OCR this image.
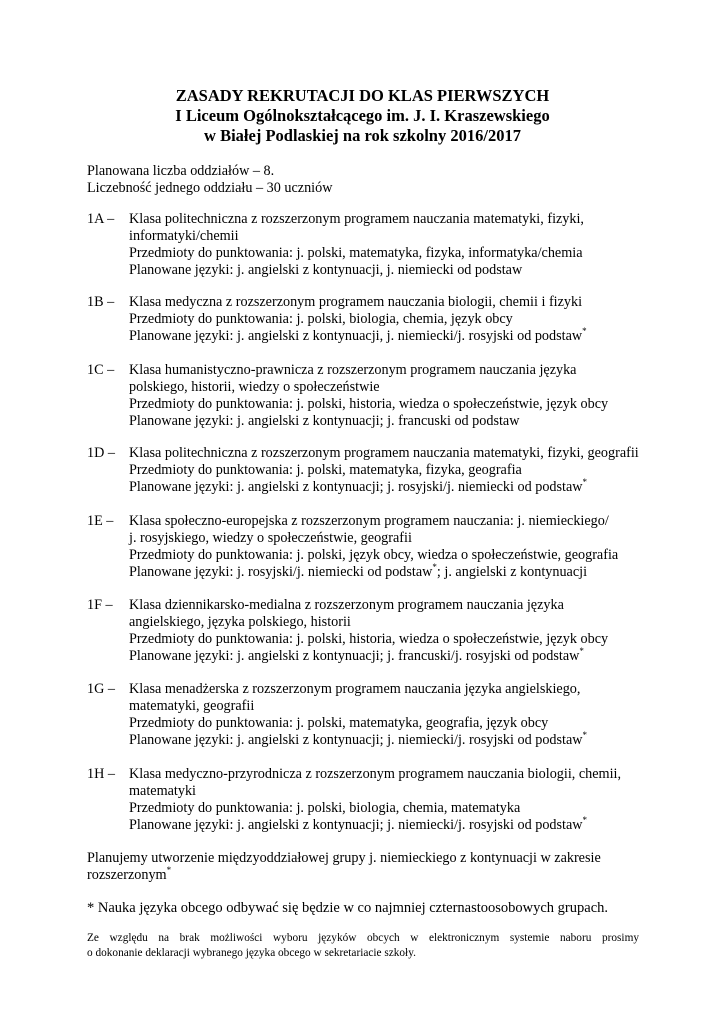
ZASADY REKRUTACJI DO KLAS PIERWSZYCH
I Liceum Ogólnokształcącego im. J. I. Kraszewskiego
w Białej Podlaskiej na rok szkolny 2016/2017
Planowana liczba oddziałów – 8.
Liczebność jednego oddziału – 30 uczniów
1A – Klasa politechniczna z rozszerzonym programem nauczania matematyki, fizyki,
informatyki/chemii
Przedmioty do punktowania: j. polski, matematyka, fizyka, informatyka/chemia
Planowane języki: j. angielski z kontynuacji, j. niemiecki od podstaw
1B – Klasa medyczna z rozszerzonym programem nauczania biologii, chemii i fizyki
Przedmioty do punktowania: j. polski, biologia, chemia, język obcy
Planowane języki: j. angielski z kontynuacji, j. niemiecki/j. rosyjski od podstaw*
1C – Klasa humanistyczno-prawnicza z rozszerzonym programem nauczania języka
polskiego, historii, wiedzy o społeczeństwie
Przedmioty do punktowania: j. polski, historia, wiedza o społeczeństwie, język obcy
Planowane języki: j. angielski z kontynuacji; j. francuski od podstaw
1D – Klasa politechniczna z rozszerzonym programem nauczania matematyki, fizyki, geografii
Przedmioty do punktowania: j. polski, matematyka, fizyka, geografia
Planowane języki: j. angielski z kontynuacji; j. rosyjski/j. niemiecki od podstaw*
1E – Klasa społeczno-europejska z rozszerzonym programem nauczania: j. niemieckiego/
j. rosyjskiego, wiedzy o społeczeństwie, geografii
Przedmioty do punktowania: j. polski, język obcy, wiedza o społeczeństwie, geografia
Planowane języki: j. rosyjski/j. niemiecki od podstaw*; j. angielski z kontynuacji
1F – Klasa dziennikarsko-medialna z rozszerzonym programem nauczania języka
angielskiego, języka polskiego, historii
Przedmioty do punktowania: j. polski, historia, wiedza o społeczeństwie, język obcy
Planowane języki: j. angielski z kontynuacji; j. francuski/j. rosyjski od podstaw*
1G – Klasa menadżerska z rozszerzonym programem nauczania języka angielskiego,
matematyki, geografii
Przedmioty do punktowania: j. polski, matematyka, geografia, język obcy
Planowane języki: j. angielski z kontynuacji; j. niemiecki/j. rosyjski od podstaw*
1H – Klasa medyczno-przyrodnicza z rozszerzonym programem nauczania biologii, chemii,
matematyki
Przedmioty do punktowania: j. polski, biologia, chemia, matematyka
Planowane języki: j. angielski z kontynuacji; j. niemiecki/j. rosyjski od podstaw*
Planujemy utworzenie międzyoddziałowej grupy j. niemieckiego z kontynuacji w zakresie
rozszerzonym*
* Nauka języka obcego odbywać się będzie w co najmniej czternastoosobowych grupach.
Ze względu na brak możliwości wyboru języków obcych w elektronicznym systemie naboru prosimy
o dokonanie deklaracji wybranego języka obcego w sekretariacie szkoły.
